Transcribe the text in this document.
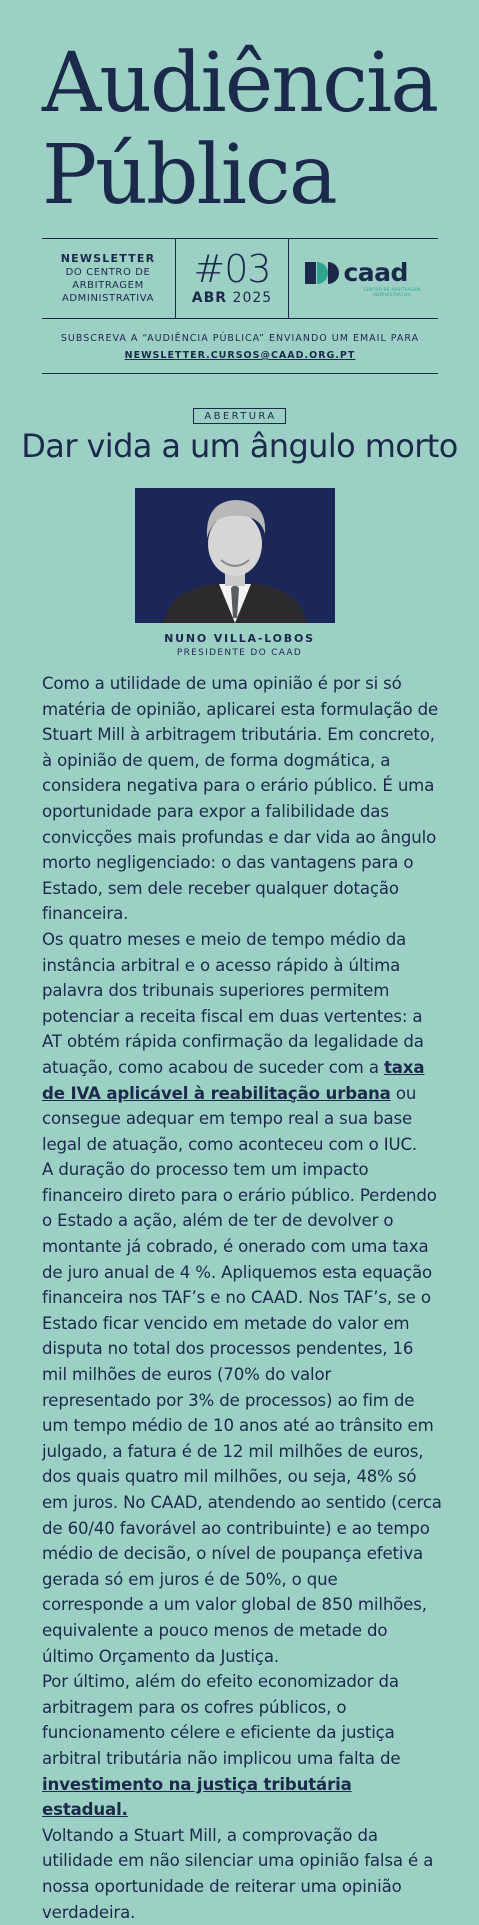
Audiência
Pública
NEWSLETTER
DO CENTRO DE
ARBITRAGEM
ADMINISTRATIVA
#03
ABR 2025
caad
CENTRO DE ARBITRAGEM
ADMINISTRATIVA
SUBSCREVA A “AUDIÊNCIA PÚBLICA” ENVIANDO UM EMAIL PARA
NEWSLETTER.CURSOS@CAAD.ORG.PT
ABERTURA
Dar vida a um ângulo morto
NUNO VILLA-LOBOS
PRESIDENTE DO CAAD

Como a utilidade de uma opinião é por si só matéria de opinião, aplicarei esta formulação de Stuart Mill à arbitragem tributária. Em concreto, à opinião de quem, de forma dogmática, a considera negativa para o erário público. É uma oportunidade para expor a falibilidade das convicções mais profundas e dar vida ao ângulo morto negligenciado: o das vantagens para o Estado, sem dele receber qualquer dotação financeira.

Os quatro meses e meio de tempo médio da instância arbitral e o acesso rápido à última palavra dos tribunais superiores permitem potenciar a receita fiscal em duas vertentes: a AT obtém rápida confirmação da legalidade da atuação, como acabou de suceder com a taxa de IVA aplicável à reabilitação urbana ou consegue adequar em tempo real a sua base legal de atuação, como aconteceu com o IUC.

A duração do processo tem um impacto financeiro direto para o erário público. Perdendo o Estado a ação, além de ter de devolver o montante já cobrado, é onerado com uma taxa de juro anual de 4 %. Apliquemos esta equação financeira nos TAF’s e no CAAD. Nos TAF’s, se o Estado ficar vencido em metade do valor em disputa no total dos processos pendentes, 16 mil milhões de euros (70% do valor representado por 3% de processos) ao fim de um tempo médio de 10 anos até ao trânsito em julgado, a fatura é de 12 mil milhões de euros, dos quais quatro mil milhões, ou seja, 48% só em juros. No CAAD, atendendo ao sentido (cerca de 60/40 favorável ao contribuinte) e ao tempo médio de decisão, o nível de poupança efetiva gerada só em juros é de 50%, o que corresponde a um valor global de 850 milhões, equivalente a pouco menos de metade do último Orçamento da Justiça.

Por último, além do efeito economizador da arbitragem para os cofres públicos, o funcionamento célere e eficiente da justiça arbitral tributária não implicou uma falta de investimento na justiça tributária estadual.

Voltando a Stuart Mill, a comprovação da utilidade em não silenciar uma opinião falsa é a nossa oportunidade de reiterar uma opinião verdadeira.
